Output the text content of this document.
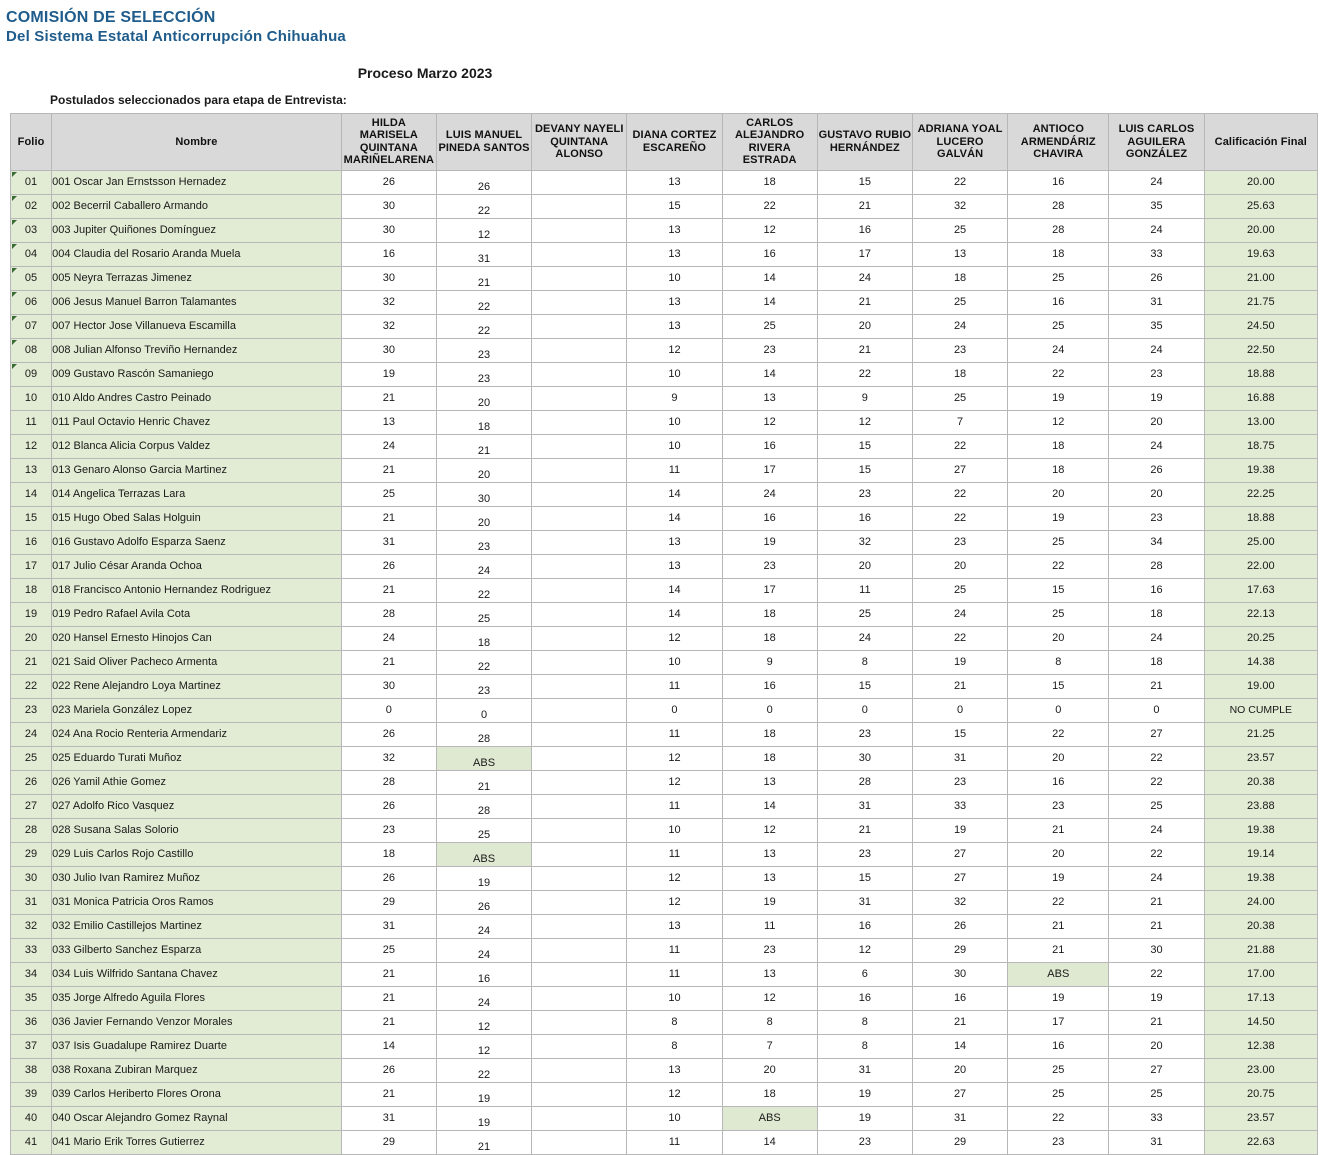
COMISIÓN DE SELECCIÓN
Del Sistema Estatal Anticorrupción Chihuahua
Proceso Marzo 2023
Postulados seleccionados para etapa de Entrevista:
Folio	Nombre	HILDA MARISELA QUINTANA MARIÑELARENA	LUIS MANUEL PINEDA SANTOS	DEVANY NAYELI QUINTANA ALONSO	DIANA CORTEZ ESCAREÑO	CARLOS ALEJANDRO RIVERA ESTRADA	GUSTAVO RUBIO HERNÁNDEZ	ADRIANA YOAL LUCERO GALVÁN	ANTIOCO ARMENDÁRIZ CHAVIRA	LUIS CARLOS AGUILERA GONZÁLEZ	Calificación Final
01	001 Oscar Jan Ernstsson Hernadez	26	26		13	18	15	22	16	24	20.00
02	002 Becerril Caballero Armando	30	22		15	22	21	32	28	35	25.63
03	003 Jupiter Quiñones Domínguez	30	12		13	12	16	25	28	24	20.00
04	004 Claudia del Rosario Aranda Muela	16	31		13	16	17	13	18	33	19.63
05	005 Neyra Terrazas Jimenez	30	21		10	14	24	18	25	26	21.00
06	006 Jesus Manuel Barron Talamantes	32	22		13	14	21	25	16	31	21.75
07	007 Hector Jose Villanueva Escamilla	32	22		13	25	20	24	25	35	24.50
08	008 Julian Alfonso Treviño Hernandez	30	23		12	23	21	23	24	24	22.50
09	009 Gustavo Rascón Samaniego	19	23		10	14	22	18	22	23	18.88
10	010 Aldo Andres Castro Peinado	21	20		9	13	9	25	19	19	16.88
11	011 Paul Octavio Henric Chavez	13	18		10	12	12	7	12	20	13.00
12	012 Blanca Alicia Corpus Valdez	24	21		10	16	15	22	18	24	18.75
13	013 Genaro Alonso Garcia Martinez	21	20		11	17	15	27	18	26	19.38
14	014 Angelica Terrazas Lara	25	30		14	24	23	22	20	20	22.25
15	015 Hugo Obed Salas Holguin	21	20		14	16	16	22	19	23	18.88
16	016 Gustavo Adolfo Esparza Saenz	31	23		13	19	32	23	25	34	25.00
17	017 Julio César Aranda Ochoa	26	24		13	23	20	20	22	28	22.00
18	018 Francisco Antonio Hernandez Rodriguez	21	22		14	17	11	25	15	16	17.63
19	019 Pedro Rafael Avila Cota	28	25		14	18	25	24	25	18	22.13
20	020 Hansel Ernesto Hinojos Can	24	18		12	18	24	22	20	24	20.25
21	021 Said Oliver Pacheco Armenta	21	22		10	9	8	19	8	18	14.38
22	022 Rene Alejandro Loya Martinez	30	23		11	16	15	21	15	21	19.00
23	023 Mariela González Lopez	0	0		0	0	0	0	0	0	NO CUMPLE
24	024 Ana Rocio Renteria Armendariz	26	28		11	18	23	15	22	27	21.25
25	025 Eduardo Turati Muñoz	32	ABS		12	18	30	31	20	22	23.57
26	026 Yamil Athie Gomez	28	21		12	13	28	23	16	22	20.38
27	027 Adolfo Rico Vasquez	26	28		11	14	31	33	23	25	23.88
28	028 Susana Salas Solorio	23	25		10	12	21	19	21	24	19.38
29	029 Luis Carlos Rojo Castillo	18	ABS		11	13	23	27	20	22	19.14
30	030 Julio Ivan Ramirez Muñoz	26	19		12	13	15	27	19	24	19.38
31	031 Monica Patricia Oros Ramos	29	26		12	19	31	32	22	21	24.00
32	032 Emilio Castillejos Martinez	31	24		13	11	16	26	21	21	20.38
33	033 Gilberto Sanchez Esparza	25	24		11	23	12	29	21	30	21.88
34	034 Luis Wilfrido Santana Chavez	21	16		11	13	6	30	ABS	22	17.00
35	035 Jorge Alfredo Aguila Flores	21	24		10	12	16	16	19	19	17.13
36	036 Javier Fernando Venzor Morales	21	12		8	8	8	21	17	21	14.50
37	037 Isis Guadalupe Ramirez Duarte	14	12		8	7	8	14	16	20	12.38
38	038 Roxana Zubiran Marquez	26	22		13	20	31	20	25	27	23.00
39	039 Carlos Heriberto Flores Orona	21	19		12	18	19	27	25	25	20.75
40	040 Oscar Alejandro Gomez Raynal	31	19		10	ABS	19	31	22	33	23.57
41	041 Mario Erik Torres Gutierrez	29	21		11	14	23	29	23	31	22.63
